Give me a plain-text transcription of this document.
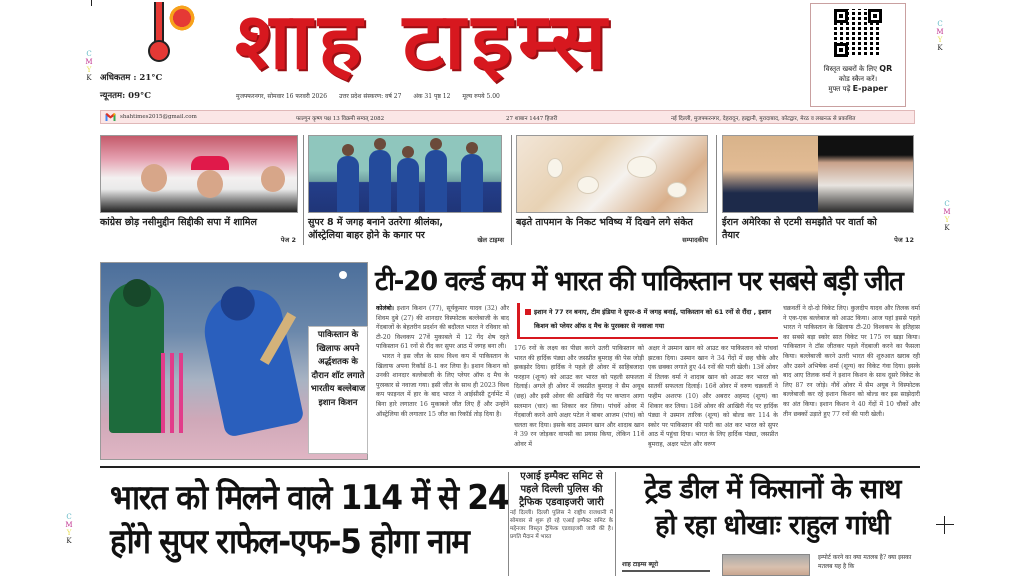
C
M
Y
K
C
M
Y
K
C
M
Y
K
C
M
Y
K
अधिकतम : 21°C
न्यूनतम: 09°C
शाह टाइम्स
मुजफ्फरनगर, सोमवार 16 फरवरी 2026 उत्तर प्रदेश संस्करण: वर्ष 27 अंक 31 पृष्ठ 12 मूल्य रुपये 5.00
विस्तृत खबरों के लिए QR
कोड स्कैन करें।
मुफ्त पढ़ें E-paper
shahtimes2015@gmail.com	फाल्गुन कृष्ण पक्ष 13 विक्रमी सम्वत् 2082	27 शाबान 1447 हिजरी	नई दिल्ली, मुजफ्फरनगर, देहरादून, हल्द्वानी, मुरादाबाद, कोटद्वार, मेरठ व लखनऊ से प्रकाशित
कांग्रेस छोड़ नसीमुद्दीन सिद्दीकी सपा में शामिल
पेज 2
सुपर 8 में जगह बनाने उतरेगा श्रीलंका,
ऑस्ट्रेलिया बाहर होने के कगार पर	खेल टाइम्स
बढ़ते तापमान के निकट भविष्य में दिखने लगे संकेत
सम्पादकीय
ईरान अमेरिका से एटमी समझौते पर वार्ता को
तैयार	पेज 12
पाकिस्तान के खिलाफ अपने अर्द्धशतक के दौरान शॉट लगाते भारतीय बल्लेबाज इशान किशन
टी-20 वर्ल्ड कप में भारत की पाकिस्तान पर सबसे बड़ी जीत
कोलंबो। इशान किशन (77), सूर्यकुमार यादव (32) और शिवम दुबे (27) की शानदार विस्फोटक बल्लेबाजी के बाद गेंदबाजों के बेहतरीन प्रदर्शन की बदौलत भारत ने रविवार को टी-20 विश्वकप 27वें मुकाबले में 12 गेंद शेष रहते पाकिस्तान 61 रनों से रौंद कर सुपर आठ में जगह बना ली।
भारत ने इस जीत के साथ विश्व कप में पाकिस्तान के खिलाफ अपना रिकॉर्ड 8-1 कर लिया है। इशान किशन को उनकी शानदार बल्लेबाजी के लिए प्लेयर ऑफ द मैच के पुरस्कार से नवाजा गया। इसी जीत के साथ ही 2023 विश्व कप फाइनल में हार के बाद भारत ने आईसीसी टूर्नामेंट में बिना हारे लगातार 16 मुकाबले जीत लिए हैं और उन्होंने ऑस्ट्रेलिया की लगातार 15 जीत का रिकॉर्ड तोड़ दिया है।
इशान ने 77 रन बनाए, टीम इंडिया ने सुपर-8 में जगह बनाई, पाकिस्तान को 61 रनों से रौंदा , इशान किशन को प्लेयर ऑफ द मैच के पुरस्कार से नवाजा गया
176 रनों के लक्ष्य का पीछा करने उतरी पाकिस्तान को भारत की हार्दिक पंड्या और जसप्रीत बुमराह की पेस जोड़ी झकझोर दिया। हार्दिक ने पहले ही ओवर में साहिबजादा फरहान (शून्य) को आउट कर भारत को पहली सफलता दिलाई। अगले ही ओवर में जसप्रीत बुमराह ने सैम अयूब (छह) और इसी ओवर की आखिरी गेंद पर कप्तान आगा सलमान (चार) का शिकार कर लिया। पांचवें ओवर में गेंदबाजी करने आये अक्षर पटेल ने बाबर आजम (पांच) को चलता कर दिया। इसके बाद उस्मान खान और शादाब खान ने 39 रन जोड़कर वापसी का प्रयास किया, लेकिन 11वें ओवर में
अक्षर ने उस्मान खान को आउट कर पाकिस्तान को पांचवां झटका दिया। उस्मान खान ने 34 गेंदों में छह चौके और एक छक्का लगाते हुए 44 रनों की पारी खेली। 13वें ओवर में तिलक वर्मा ने शादाब खान को आउट कर भारत को सातवीं सफलता दिलाई। 16वें ओवर में वरुण चक्रवर्ती ने फहीम अशरफ (10) और अबरार अहमद (शून्य) का शिकार कर लिया। 18वें ओवर की आखिरी गेंद पर हार्दिक पंड्या ने उस्मान तारिक (शून्य) को बोल्ड कर 114 के स्कोर पर पाकिस्तान की पारी का अंत कर भारत को सुपर आठ में पहुंचा दिया। भारत के लिए हार्दिक पंड्या, जसप्रीत बुमराह, अक्षर पटेल और वरुण
चक्रवर्ती ने दो-दो विकेट लिए। कुलदीप यादव और तिलक वर्मा ने एक-एक बल्लेबाज को आउट किया। आज यहां इससे पहले भारत ने पाकिस्तान के खिलाफ टी-20 विश्वकप के इतिहास का सबसे बड़ा स्कोर सात विकेट पर 175 रन खड़ा किया। पाकिस्तान ने टॉस जीतकर पहले गेंदबाजी करने का फैसला किया। बल्लेबाजी करने उतरी भारत की शुरुआत खराब रही और उसने अभिषेक शर्मा (शून्य) का विकेट गंवा दिया। इसके बाद आए तिलक वर्मा ने इशान किशन के साथ दूसरे विकेट के लिए 87 रन जोड़े। नौवें ओवर में सैम अयूब ने विस्फोटक बल्लेबाजी कर रहे इशान किशन को बोल्ड कर इस साझेदारी का अंत किया। इशान किशन ने 40 गेंदों में 10 चौकों और तीन छक्कों उड़ाते हुए 77 रनों की पारी खेली।
भारत को मिलने वाले 114 में से 24
होंगे सुपर राफेल-एफ-5 होगा नाम
एआई इम्पैक्ट समिट से पहले दिल्ली पुलिस की ट्रैफिक एडवाइजरी जारी
नई दिल्ली। दिल्ली पुलिस ने राष्ट्रीय राजधानी में सोमवार से शुरू हो रहे एआई इम्पैक्ट समिट के मद्देनजर विस्तृत ट्रैफिक एडवाइजरी जारी की है। प्रगति मैदान में भारत
ट्रेड डील में किसानों के साथ
हो रहा धोखाः राहुल गांधी
शाह टाइम्स ब्यूरो
इम्पोर्ट करने का क्या मतलब है? क्या इसका मतलब यह है कि
